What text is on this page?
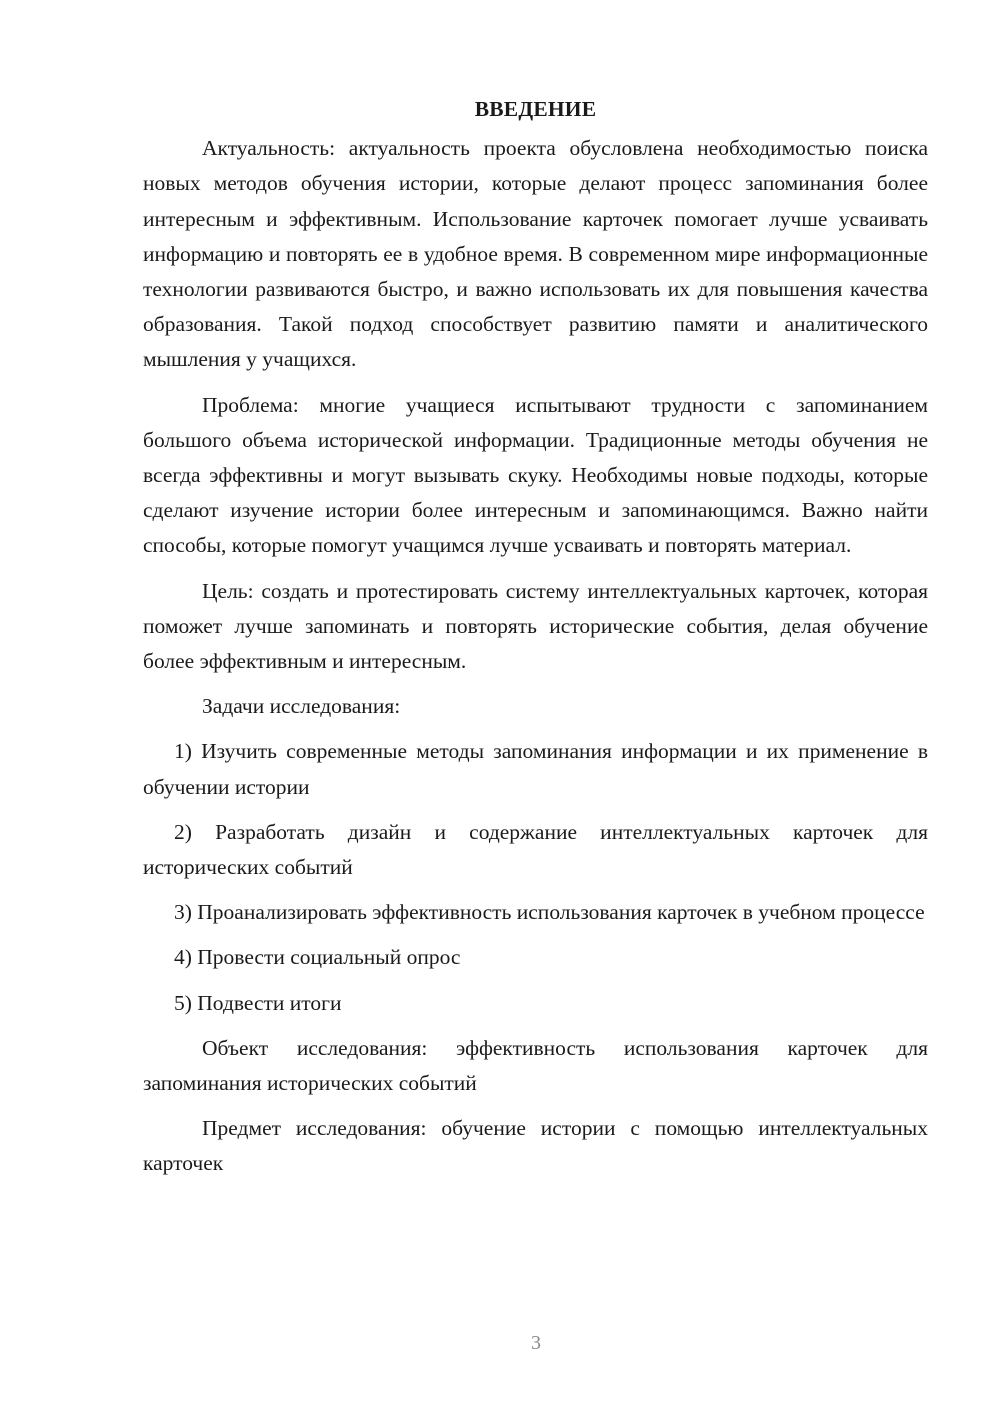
ВВЕДЕНИЕ

Актуальность: актуальность проекта обусловлена необходимостью поиска новых методов обучения истории, которые делают процесс запоминания более интересным и эффективным. Использование карточек помогает лучше усваивать информацию и повторять ее в удобное время. В современном мире информационные технологии развиваются быстро, и важно использовать их для повышения качества образования. Такой подход способствует развитию памяти и аналитического мышления у учащихся.

Проблема: многие учащиеся испытывают трудности с запоминанием большого объема исторической информации. Традиционные методы обучения не всегда эффективны и могут вызывать скуку. Необходимы новые подходы, которые сделают изучение истории более интересным и запоминающимся. Важно найти способы, которые помогут учащимся лучше усваивать и повторять материал.

Цель: создать и протестировать систему интеллектуальных карточек, которая поможет лучше запоминать и повторять исторические события, делая обучение более эффективным и интересным.

Задачи исследования:

1) Изучить современные методы запоминания информации и их применение в обучении истории

2) Разработать дизайн и содержание интеллектуальных карточек для исторических событий

3) Проанализировать эффективность использования карточек в учебном процессе

4) Провести социальный опрос

5) Подвести итоги

Объект исследования: эффективность использования карточек для запоминания исторических событий

Предмет исследования: обучение истории с помощью интеллектуальных карточек

3
